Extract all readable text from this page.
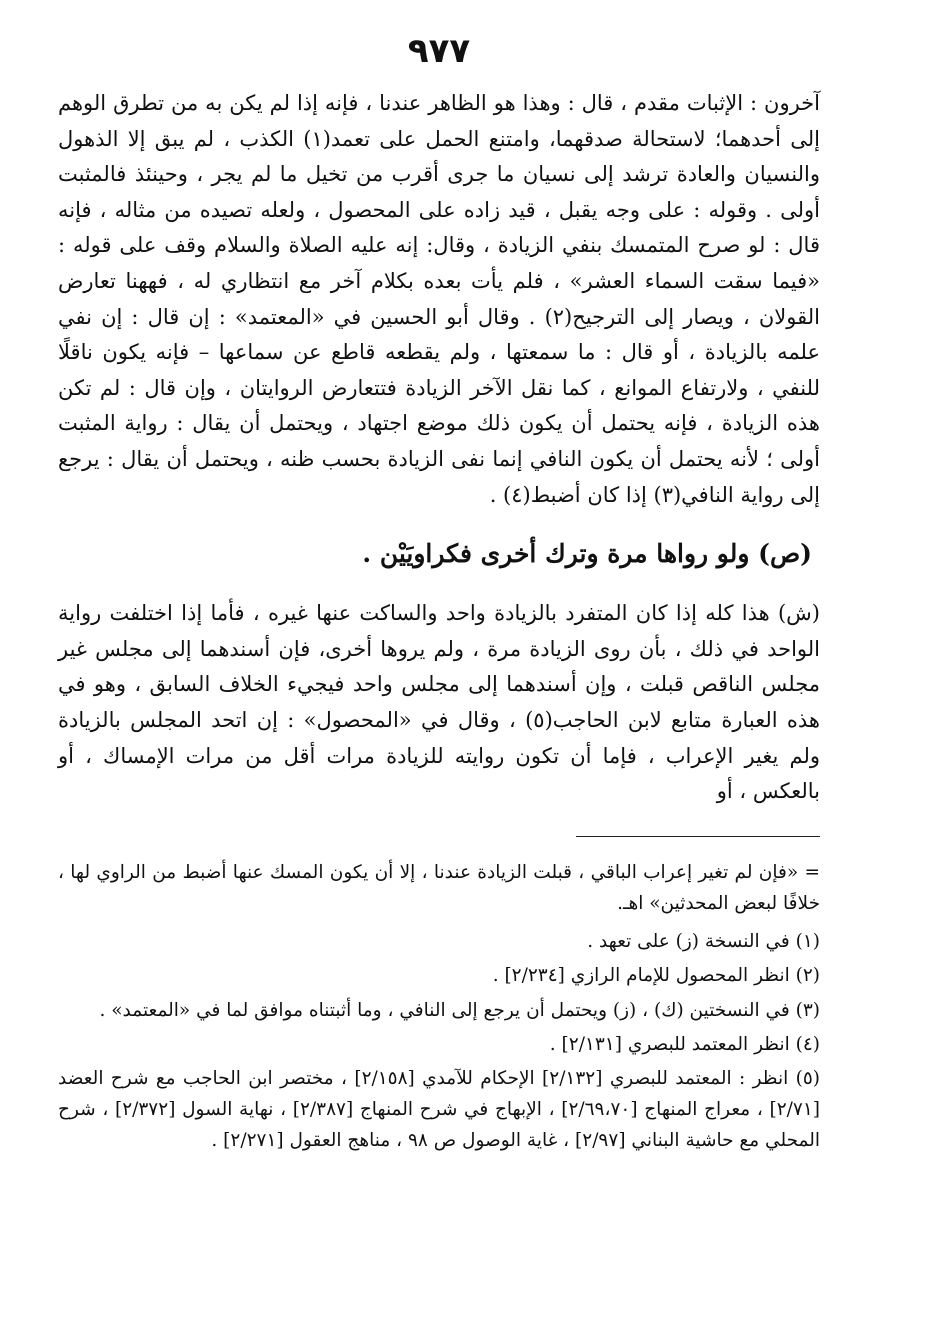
٩٧٧

آخرون : الإثبات مقدم ، قال : وهذا هو الظاهر عندنا ، فإنه إذا لم يكن به من تطرق الوهم إلى أحدهما؛ لاستحالة صدقهما، وامتنع الحمل على تعمد(١) الكذب ، لم يبق إلا الذهول والنسيان والعادة ترشد إلى نسيان ما جرى أقرب من تخيل ما لم يجر ، وحينئذ فالمثبت أولى . وقوله : على وجه يقبل ، قيد زاده على المحصول ، ولعله تصيده من مثاله ، فإنه قال : لو صرح المتمسك بنفي الزيادة ، وقال: إنه عليه الصلاة والسلام وقف على قوله : «فيما سقت السماء العشر» ، فلم يأت بعده بكلام آخر مع انتظاري له ، فههنا تعارض القولان ، ويصار إلى الترجيح(٢) . وقال أبو الحسين في «المعتمد» : إن قال : إن نفي علمه بالزيادة ، أو قال : ما سمعتها ، ولم يقطعه قاطع عن سماعها – فإنه يكون ناقلًا للنفي ، ولارتفاع الموانع ، كما نقل الآخر الزيادة فتتعارض الروايتان ، وإن قال : لم تكن هذه الزيادة ، فإنه يحتمل أن يكون ذلك موضع اجتهاد ، ويحتمل أن يقال : رواية المثبت أولى ؛ لأنه يحتمل أن يكون النافي إنما نفى الزيادة بحسب ظنه ، ويحتمل أن يقال : يرجع إلى رواية النافي(٣) إذا كان أضبط(٤) .

(ص) ولو رواها مرة وترك أخرى فكراويَيْن .

(ش) هذا كله إذا كان المتفرد بالزيادة واحد والساكت عنها غيره ، فأما إذا اختلفت رواية الواحد في ذلك ، بأن روى الزيادة مرة ، ولم يروها أخرى، فإن أسندهما إلى مجلس غير مجلس الناقص قبلت ، وإن أسندهما إلى مجلس واحد فيجيء الخلاف السابق ، وهو في هذه العبارة متابع لابن الحاجب(٥) ، وقال في «المحصول» : إن اتحد المجلس بالزيادة ولم يغير الإعراب ، فإما أن تكون روايته للزيادة مرات أقل من مرات الإمساك ، أو بالعكس ، أو

= «فإن لم تغير إعراب الباقي ، قبلت الزيادة عندنا ، إلا أن يكون المسك عنها أضبط من الراوي لها ، خلافًا لبعض المحدثين» اهـ.

(١) في النسخة (ز) على تعهد .

(٢) انظر المحصول للإمام الرازي [٢/٢٣٤] .

(٣) في النسختين (ك) ، (ز) ويحتمل أن يرجع إلى النافي ، وما أثبتناه موافق لما في «المعتمد» .

(٤) انظر المعتمد للبصري [٢/١٣١] .

(٥) انظر : المعتمد للبصري [٢/١٣٢] الإحكام للآمدي [٢/١٥٨] ، مختصر ابن الحاجب مع شرح العضد [٢/٧١] ، معراج المنهاج [٢/٦٩،٧٠] ، الإبهاج في شرح المنهاج [٢/٣٨٧] ، نهاية السول [٢/٣٧٢] ، شرح المحلي مع حاشية البناني [٢/٩٧] ، غاية الوصول ص ٩٨ ، مناهج العقول [٢/٢٧١] .
